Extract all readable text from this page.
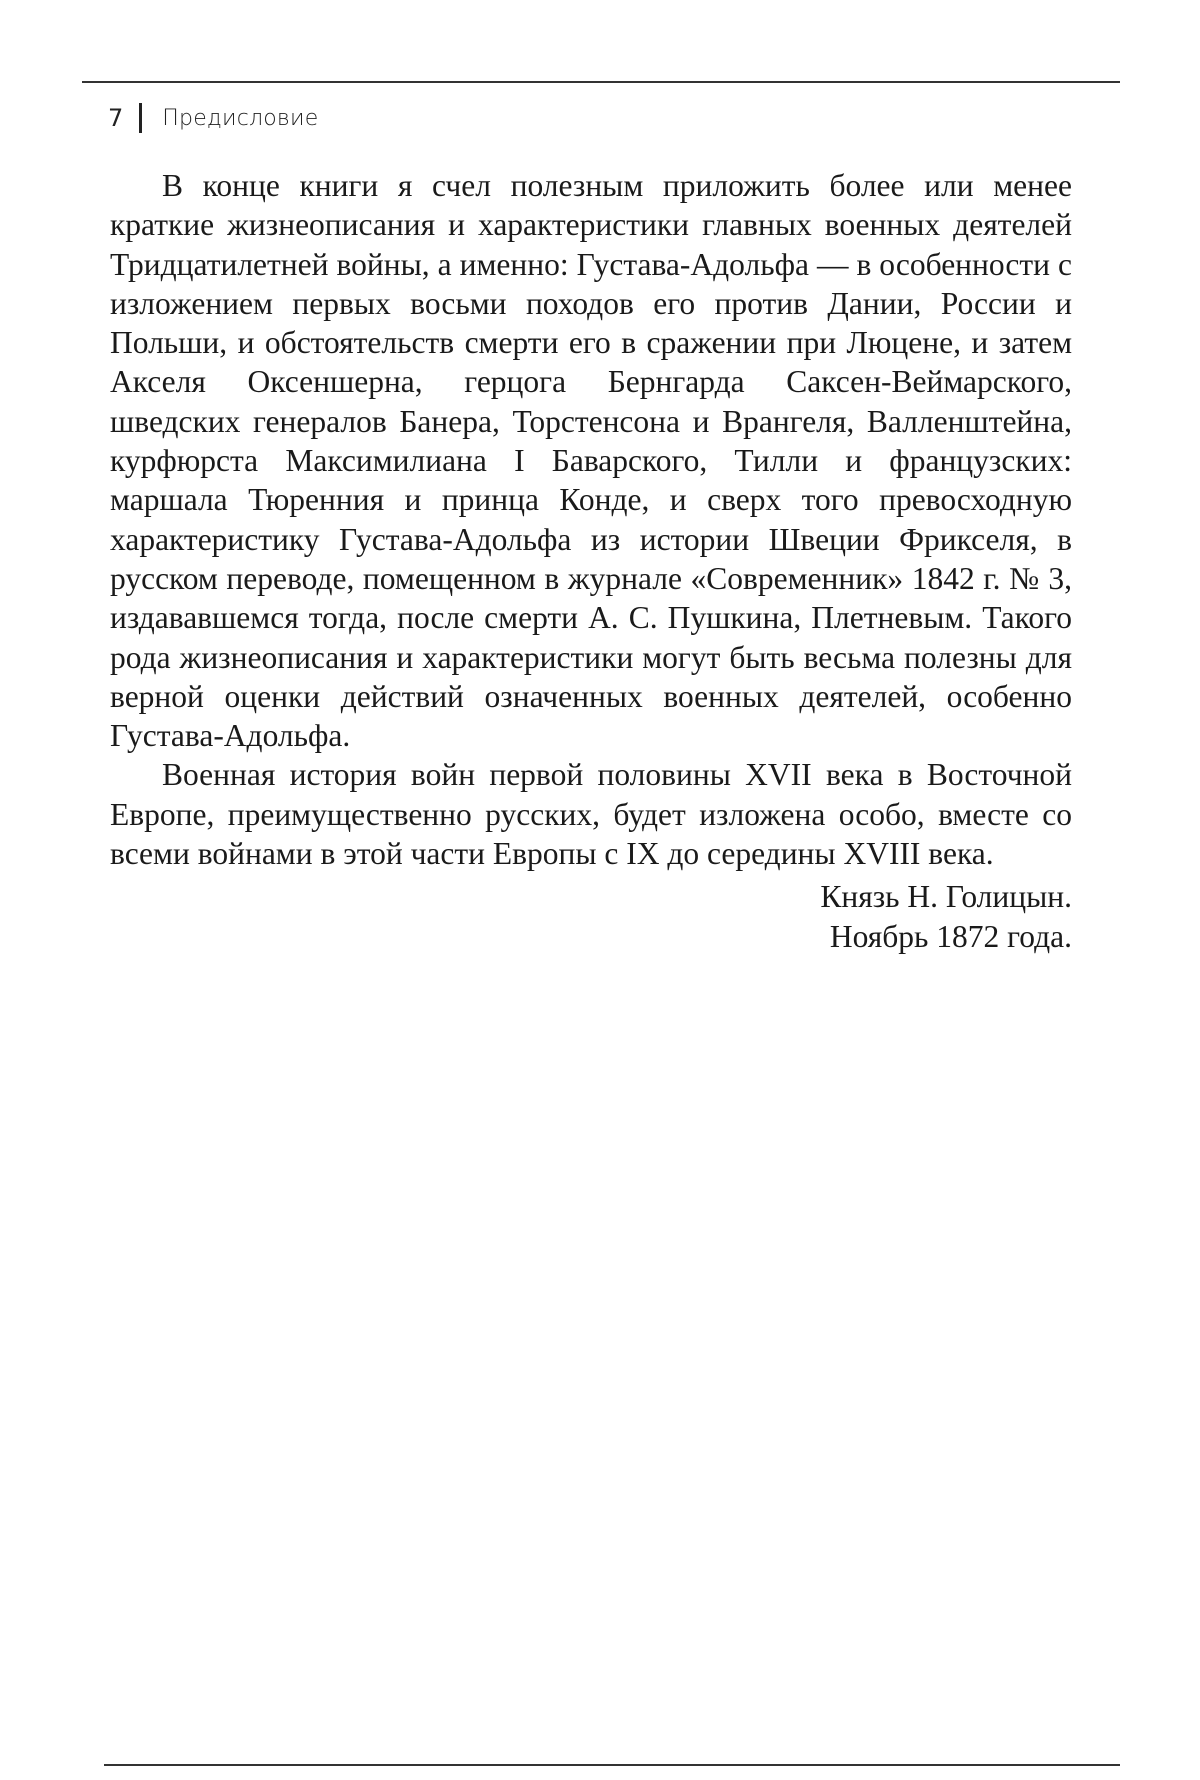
7 Предисловие

В конце книги я счел полезным приложить более или менее краткие жизнеописания и характеристики главных военных деятелей Тридцатилетней войны, а именно: Густава-Адольфа — в особенности с изложением первых восьми походов его против Дании, России и Польши, и обстоятельств смерти его в сражении при Люцене, и затем Акселя Оксеншерна, герцога Бернгарда Саксен-Веймарского, шведских генералов Банера, Торстенсона и Врангеля, Валленштейна, курфюрста Максимилиана I Баварского, Тилли и французских: маршала Тюренния и принца Конде, и сверх того превосходную характеристику Густава-Адольфа из истории Швеции Фрикселя, в русском переводе, помещенном в журнале «Современник» 1842 г. № 3, издававшемся тогда, после смерти А. С. Пушкина, Плетневым. Такого рода жизнеописания и характеристики могут быть весьма полезны для верной оценки действий означенных военных деятелей, особенно Густава-Адольфа.

Военная история войн первой половины XVII века в Восточной Европе, преимущественно русских, будет изложена особо, вместе со всеми войнами в этой части Европы с IX до середины XVIII века.

Князь Н. Голицын.
Ноябрь 1872 года.
